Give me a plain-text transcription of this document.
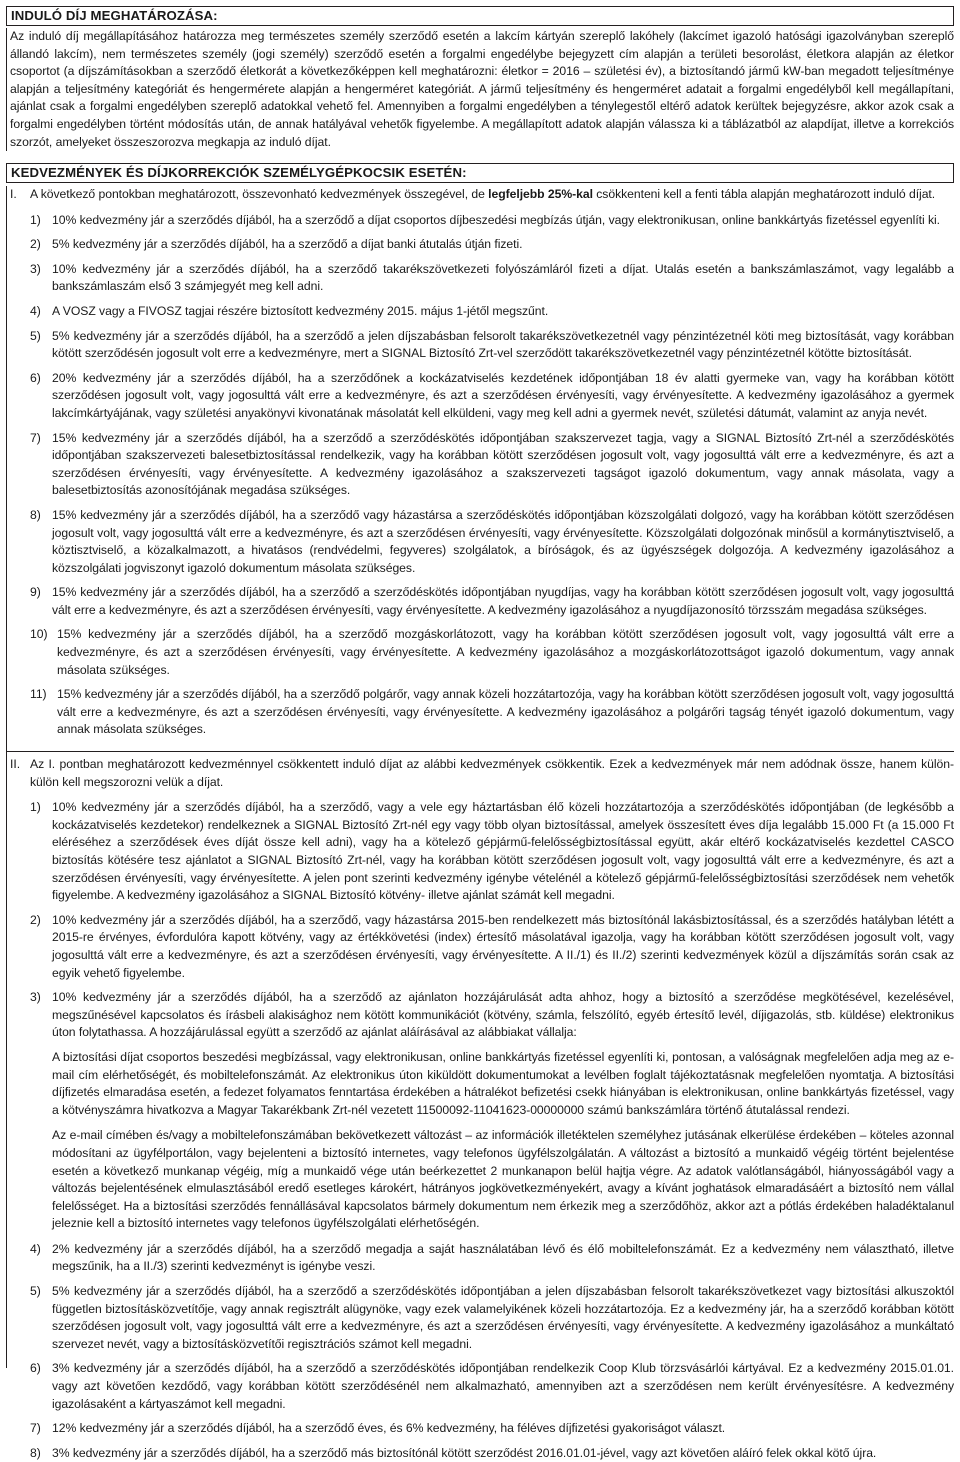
INDULÓ DÍJ MEGHATÁROZÁSA:
Az induló díj megállapításához határozza meg természetes személy szerződő esetén a lakcím kártyán szereplő lakóhely (lakcímet igazoló hatósági igazolványban szereplő állandó lakcím), nem természetes személy (jogi személy) szerződő esetén a forgalmi engedélybe bejegyzett cím alapján a területi besorolást, életkora alapján az életkor csoportot (a díjszámításokban a szerződő életkorát a következőképpen kell meghatározni: életkor = 2016 – születési év), a biztosítandó jármű kW-ban megadott teljesítménye alapján a teljesítmény kategóriát és hengermérete alapján a hengerméret kategóriát. A jármű teljesítmény és hengerméret adatait a forgalmi engedélyből kell megállapítani, ajánlat csak a forgalmi engedélyben szereplő adatokkal vehető fel. Amennyiben a forgalmi engedélyben a ténylegestől eltérő adatok kerültek bejegyzésre, akkor azok csak a forgalmi engedélyben történt módosítás után, de annak hatályával vehetők figyelembe. A megállapított adatok alapján válassza ki a táblázatból az alapdíjat, illetve a korrekciós szorzót, amelyeket összeszorozva megkapja az induló díjat.
KEDVEZMÉNYEK ÉS DÍJKORREKCIÓK SZEMÉLYGÉPKOCSIK ESETÉN:
I.	A következő pontokban meghatározott, összevonható kedvezmények összegével, de legfeljebb 25%-kal csökkenteni kell a fenti tábla alapján meghatározott induló díjat.
1) 10% kedvezmény jár a szerződés díjából, ha a szerződő a díjat csoportos díjbeszedési megbízás útján, vagy elektronikusan, online bankkártyás fizetéssel egyenlíti ki.
2) 5% kedvezmény jár a szerződés díjából, ha a szerződő a díjat banki átutalás útján fizeti.
3) 10% kedvezmény jár a szerződés díjából, ha a szerződő takarékszövetkezeti folyószámláról fizeti a díjat. Utalás esetén a bankszámlaszámot, vagy legalább a bankszámlaszám első 3 számjegyét meg kell adni.
4) A VOSZ vagy a FIVOSZ tagjai részére biztosított kedvezmény 2015. május 1-jétől megszűnt.
5) 5% kedvezmény jár a szerződés díjából, ha a szerződő a jelen díjszabásban felsorolt takarékszövetkezetnél vagy pénzintézetnél köti meg biztosítását, vagy korábban kötött szerződésén jogosult volt erre a kedvezményre, mert a SIGNAL Biztosító Zrt-vel szerződött takarékszövetkezetnél vagy pénzintézetnél kötötte biztosítását.
6) 20% kedvezmény jár a szerződés díjából, ha a szerződőnek a kockázatviselés kezdetének időpontjában 18 év alatti gyermeke van, vagy ha korábban kötött szerződésen jogosult volt, vagy jogosulttá vált erre a kedvezményre, és azt a szerződésen érvényesíti, vagy érvényesítette. A kedvezmény igazolásához a gyermek lakcímkártyájának, vagy születési anyakönyvi kivonatának másolatát kell elküldeni, vagy meg kell adni a gyermek nevét, születési dátumát, valamint az anyja nevét.
7) 15% kedvezmény jár a szerződés díjából, ha a szerződő a szerződéskötés időpontjában szakszervezet tagja, vagy a SIGNAL Biztosító Zrt-nél a szerződéskötés időpontjában szakszervezeti balesetbiztosítással rendelkezik, vagy ha korábban kötött szerződésen jogosult volt, vagy jogosulttá vált erre a kedvezményre, és azt a szerződésen érvényesíti, vagy érvényesítette. A kedvezmény igazolásához a szakszervezeti tagságot igazoló dokumentum, vagy annak másolata, vagy a balesetbiztosítás azonosítójának megadása szükséges.
8) 15% kedvezmény jár a szerződés díjából, ha a szerződő vagy házastársa a szerződéskötés időpontjában közszolgálati dolgozó, vagy ha korábban kötött szerződésen jogosult volt, vagy jogosulttá vált erre a kedvezményre, és azt a szerződésen érvényesíti, vagy érvényesítette. Közszolgálati dolgozónak minősül a kormánytisztviselő, a köztisztviselő, a közalkalmazott, a hivatásos (rendvédelmi, fegyveres) szolgálatok, a bíróságok, és az ügyészségek dolgozója. A kedvezmény igazolásához a közszolgálati jogviszonyt igazoló dokumentum másolata szükséges.
9) 15% kedvezmény jár a szerződés díjából, ha a szerződő a szerződéskötés időpontjában nyugdíjas, vagy ha korábban kötött szerződésen jogosult volt, vagy jogosulttá vált erre a kedvezményre, és azt a szerződésen érvényesíti, vagy érvényesítette. A kedvezmény igazolásához a nyugdíjazonosító törzsszám megadása szükséges.
10) 15% kedvezmény jár a szerződés díjából, ha a szerződő mozgáskorlátozott, vagy ha korábban kötött szerződésen jogosult volt, vagy jogosulttá vált erre a kedvezményre, és azt a szerződésen érvényesíti, vagy érvényesítette. A kedvezmény igazolásához a mozgáskorlátozottságot igazoló dokumentum, vagy annak másolata szükséges.
11) 15% kedvezmény jár a szerződés díjából, ha a szerződő polgárőr, vagy annak közeli hozzátartozója, vagy ha korábban kötött szerződésen jogosult volt, vagy jogosulttá vált erre a kedvezményre, és azt a szerződésen érvényesíti, vagy érvényesítette. A kedvezmény igazolásához a polgárőri tagság tényét igazoló dokumentum, vagy annak másolata szükséges.
II. Az I. pontban meghatározott kedvezménnyel csökkentett induló díjat az alábbi kedvezmények csökkentik. Ezek a kedvezmények már nem adódnak össze, hanem külön-külön kell megszorozni velük a díjat.
1) 10% kedvezmény jár a szerződés díjából, ha a szerződő, vagy a vele egy háztartásban élő közeli hozzátartozója a szerződéskötés időpontjában (de legkésőbb a kockázatviselés kezdetekor) rendelkeznek a SIGNAL Biztosító Zrt-nél egy vagy több olyan biztosítással, amelyek összesített éves díja legalább 15.000 Ft (a 15.000 Ft eléréséhez a szerződések éves díját össze kell adni), vagy ha a kötelező gépjármű-felelősségbiztosítással együtt, akár eltérő kockázatviselés kezdettel CASCO biztosítás kötésére tesz ajánlatot a SIGNAL Biztosító Zrt-nél, vagy ha korábban kötött szerződésen jogosult volt, vagy jogosulttá vált erre a kedvezményre, és azt a szerződésen érvényesíti, vagy érvényesítette. A jelen pont szerinti kedvezmény igénybe vételénél a kötelező gépjármű-felelősségbiztosítási szerződések nem vehetők figyelembe. A kedvezmény igazolásához a SIGNAL Biztosító kötvény- illetve ajánlat számát kell megadni.
2) 10% kedvezmény jár a szerződés díjából, ha a szerződő, vagy házastársa 2015-ben rendelkezett más biztosítónál lakásbiztosítással, és a szerződés hatályban lététt a 2015-re érvényes, évfordulóra kapott kötvény, vagy az értékkövetési (index) értesítő másolatával igazolja, vagy ha korábban kötött szerződésen jogosult volt, vagy jogosulttá vált erre a kedvezményre, és azt a szerződésen érvényesíti, vagy érvényesítette. A II./1) és II./2) szerinti kedvezmények közül a díjszámítás során csak az egyik vehető figyelembe.
3) 10% kedvezmény jár a szerződés díjából, ha a szerződő az ajánlaton hozzájárulását adta ahhoz, hogy a biztosító a szerződése megkötésével, kezelésével, megszűnésével kapcsolatos és írásbeli alakisághoz nem kötött kommunikációt (kötvény, számla, felszólító, egyéb értesítő levél, díjigazolás, stb. küldése) elektronikus úton folytathassa. A hozzájárulással együtt a szerződő az ajánlat aláírásával az alábbiakat vállalja:
A biztosítási díjat csoportos beszedési megbízással, vagy elektronikusan, online bankkártyás fizetéssel egyenlíti ki, pontosan, a valóságnak megfelelően adja meg az e-mail cím elérhetőségét, és mobiltelefonszámát. Az elektronikus úton kiküldött dokumentumokat a levélben foglalt tájékoztatásnak megfelelően nyomtatja. A biztosítási díjfizetés elmaradása esetén, a fedezet folyamatos fenntartása érdekében a hátralékot befizetési csekk hiányában is elektronikusan, online bankkártyás fizetéssel, vagy a kötvényszámra hivatkozva a Magyar Takarékbank Zrt-nél vezetett 11500092-11041623-00000000 számú bankszámlára történő átutalással rendezi.
Az e-mail címében és/vagy a mobiltelefonszámában bekövetkezett változást – az információk illetéktelen személyhez jutásának elkerülése érdekében – köteles azonnal módosítani az ügyfélportálon, vagy bejelenteni a biztosító internetes, vagy telefonos ügyfélszolgálatán. A változást a biztosító a munkaidő végéig történt bejelentése esetén a következő munkanap végéig, míg a munkaidő vége után beérkezettet 2 munkanapon belül hajtja végre. Az adatok valótlanságából, hiányosságából vagy a változás bejelentésének elmulasztásából eredő esetleges károkért, hátrányos jogkövetkezményekért, avagy a kívánt joghatások elmaradásáért a biztosító nem vállal felelősséget. Ha a biztosítási szerződés fennállásával kapcsolatos bármely dokumentum nem érkezik meg a szerződőhöz, akkor azt a pótlás érdekében haladéktalanul jeleznie kell a biztosító internetes vagy telefonos ügyfélszolgálati elérhetőségén.
4) 2% kedvezmény jár a szerződés díjából, ha a szerződő megadja a saját használatában lévő és élő mobiltelefonszámát. Ez a kedvezmény nem választható, illetve megszűnik, ha a II./3) szerinti kedvezményt is igénybe veszi.
5) 5% kedvezmény jár a szerződés díjából, ha a szerződő a szerződéskötés időpontjában a jelen díjszabásban felsorolt takarékszövetkezet vagy biztosítási alkuszoktól független biztosításközvetítője, vagy annak regisztrált alügynöke, vagy ezek valamelyikének közeli hozzátartozója. Ez a kedvezmény jár, ha a szerződő korábban kötött szerződésen jogosult volt, vagy jogosulttá vált erre a kedvezményre, és azt a szerződésen érvényesíti, vagy érvényesítette. A kedvezmény igazolásához a munkáltató szervezet nevét, vagy a biztosításközvetítői regisztrációs számot kell megadni.
6) 3% kedvezmény jár a szerződés díjából, ha a szerződő a szerződéskötés időpontjában rendelkezik Coop Klub törzsvásárlói kártyával. Ez a kedvezmény 2015.01.01. vagy azt követően kezdődő, vagy korábban kötött szerződésénél nem alkalmazható, amennyiben azt a szerződésen nem került érvényesítésre. A kedvezmény igazolásaként a kártyaszámot kell megadni.
7) 12% kedvezmény jár a szerződés díjából, ha a szerződő éves, és 6% kedvezmény, ha féléves díjfizetési gyakoriságot választ.
8) 3% kedvezmény jár a szerződés díjából, ha a szerződő más biztosítónál kötött szerződést 2016.01.01-jével, vagy azt követően aláíró felek okkal kötő újra.
